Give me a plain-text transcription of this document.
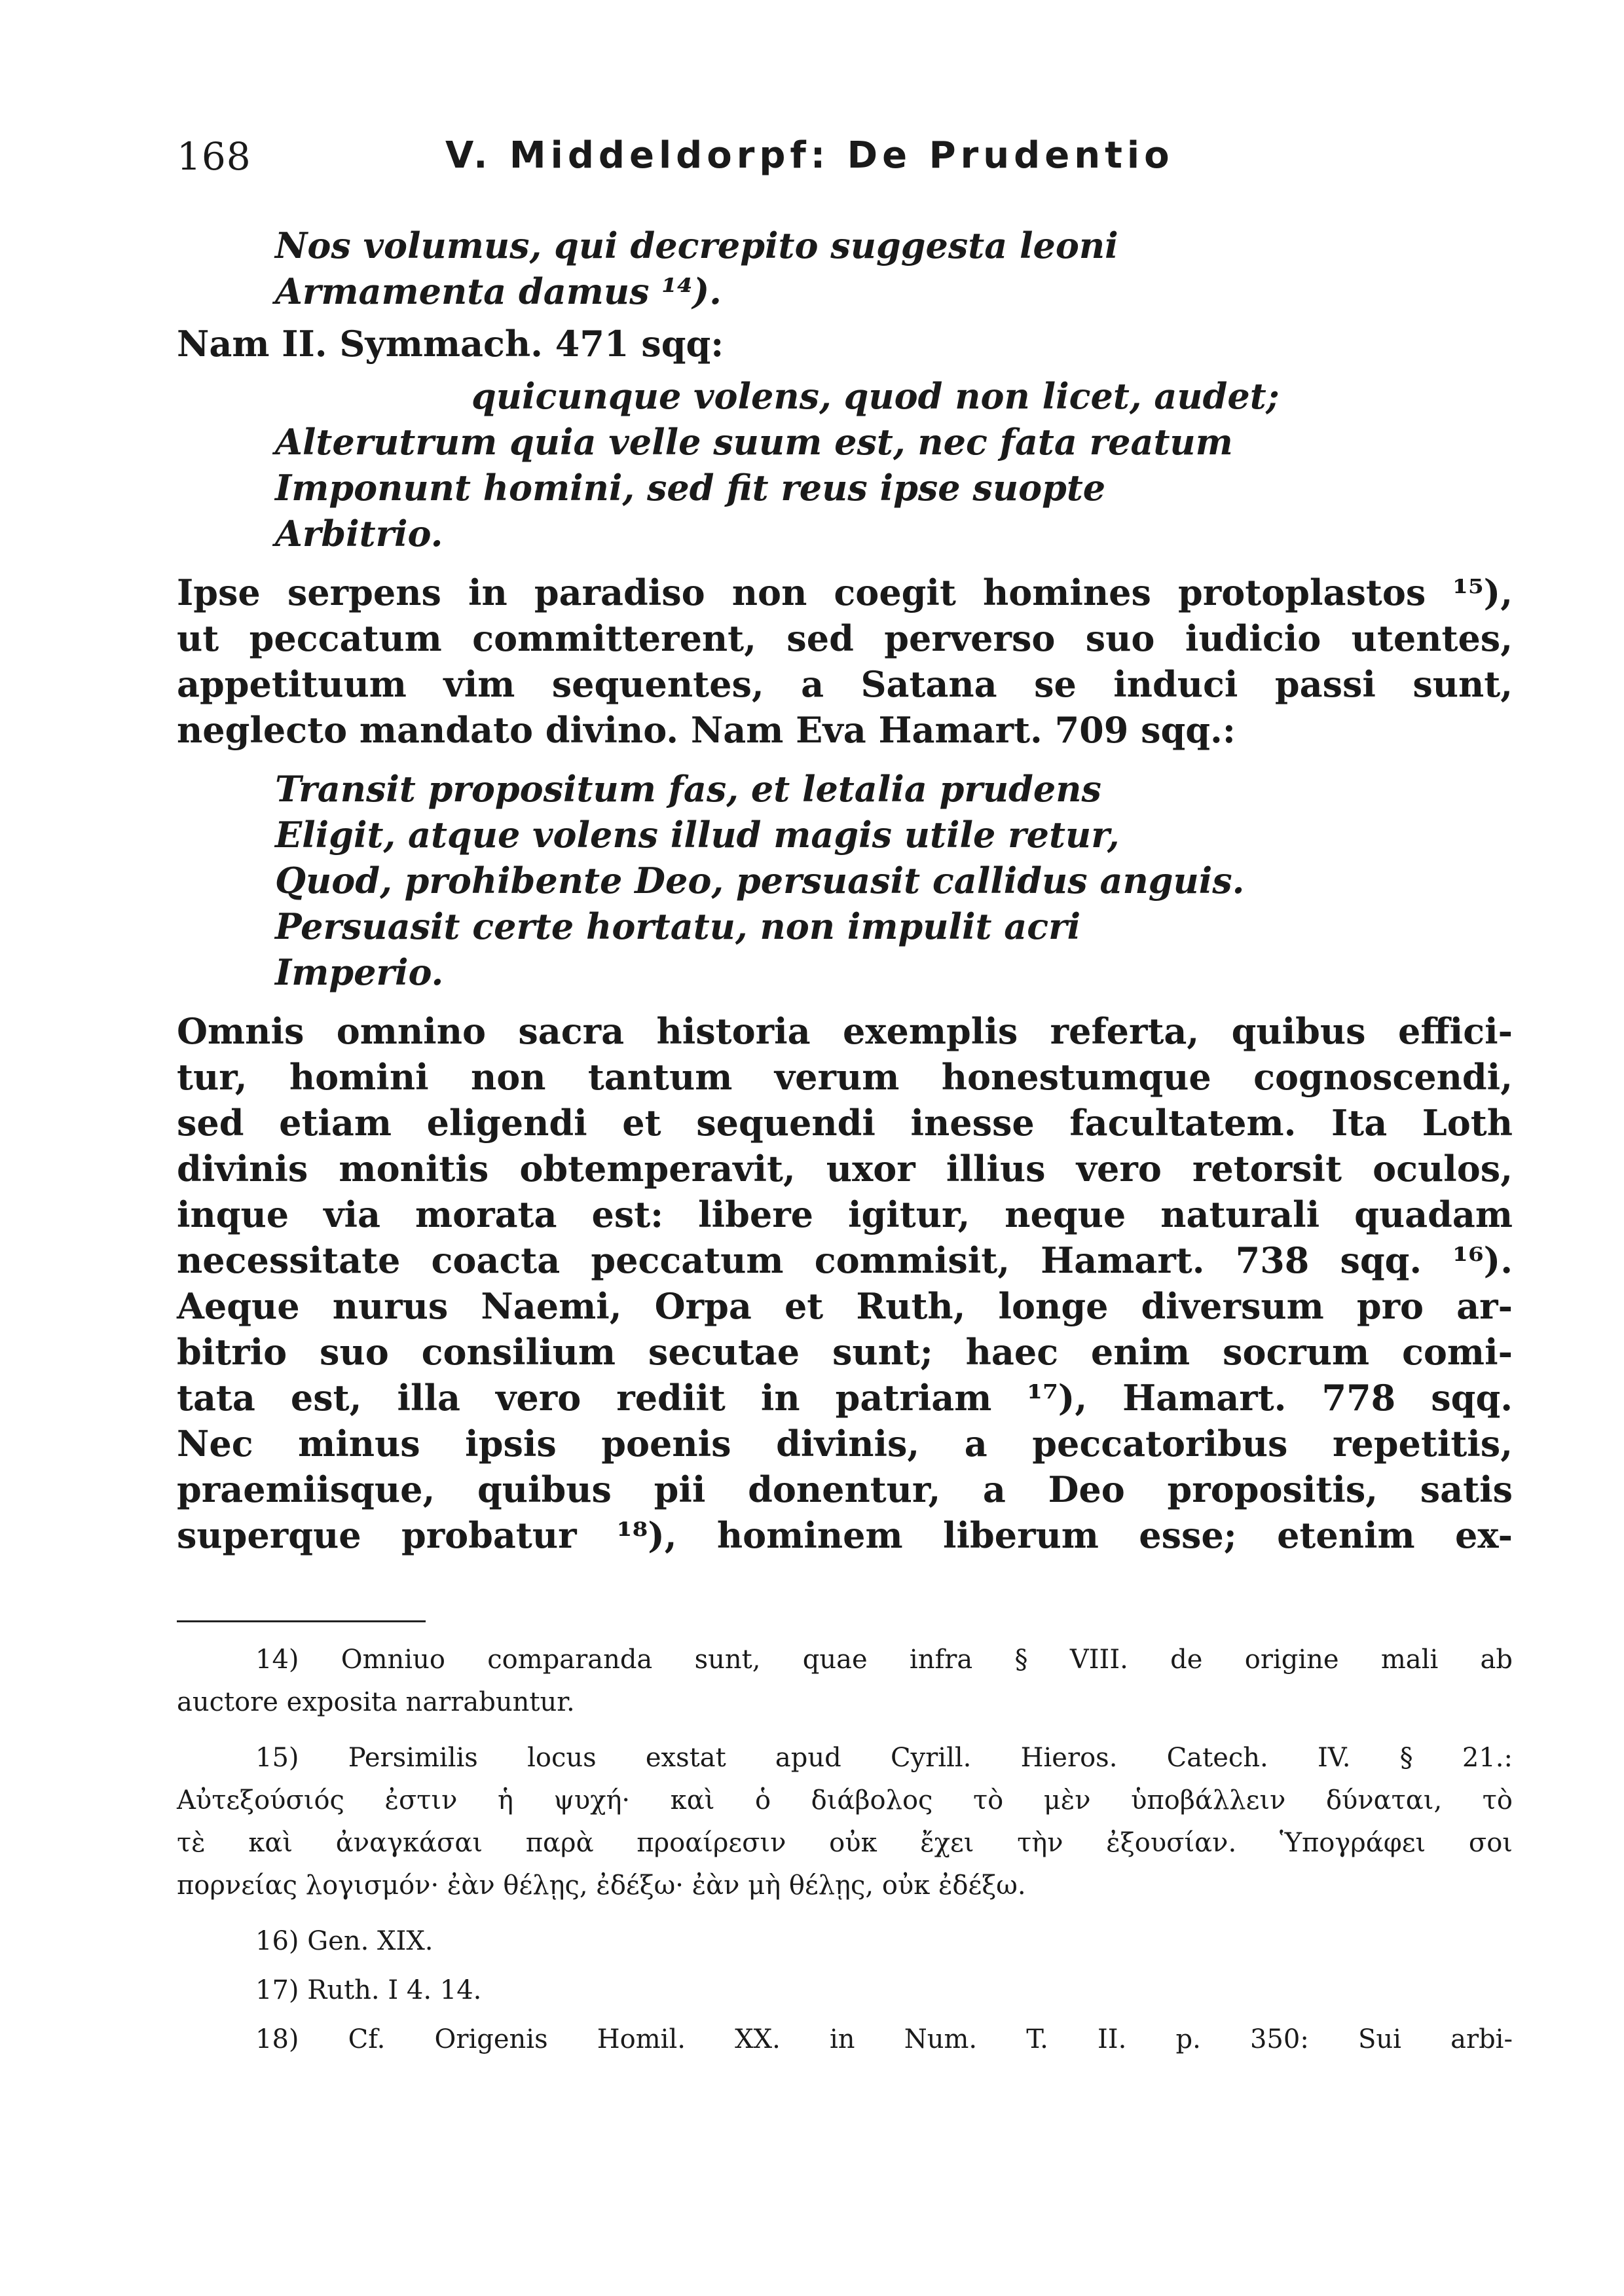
168	V. Middeldorpf: De Prudentio
Nos volumus, qui decrepito suggesta leoni
Armamenta damus ¹⁴).
Nam II. Symmach. 471 sqq:
quicunque volens, quod non licet, audet;
Alterutrum quia velle suum est, nec fata reatum
Imponunt homini, sed fit reus ipse suopte
Arbitrio.
Ipse serpens in paradiso non coegit homines protoplastos ¹⁵),
ut peccatum committerent, sed perverso suo iudicio utentes,
appetituum vim sequentes, a Satana se induci passi sunt,
neglecto mandato divino. Nam Eva Hamart. 709 sqq.:
Transit propositum fas, et letalia prudens
Eligit, atque volens illud magis utile retur,
Quod, prohibente Deo, persuasit callidus anguis.
Persuasit certe hortatu, non impulit acri
Imperio.
Omnis omnino sacra historia exemplis referta, quibus effici-
tur, homini non tantum verum honestumque cognoscendi,
sed etiam eligendi et sequendi inesse facultatem. Ita Loth
divinis monitis obtemperavit, uxor illius vero retorsit oculos,
inque via morata est: libere igitur, neque naturali quadam
necessitate coacta peccatum commisit, Hamart. 738 sqq. ¹⁶).
Aeque nurus Naemi, Orpa et Ruth, longe diversum pro ar-
bitrio suo consilium secutae sunt; haec enim socrum comi-
tata est, illa vero rediit in patriam ¹⁷), Hamart. 778 sqq.
Nec minus ipsis poenis divinis, a peccatoribus repetitis,
praemiisque, quibus pii donentur, a Deo propositis, satis
superque probatur ¹⁸), hominem liberum esse; etenim ex-
14) Omniuo comparanda sunt, quae infra § VIII. de origine mali ab
auctore exposita narrabuntur.
15) Persimilis locus exstat apud Cyrill. Hieros. Catech. IV. § 21.:
Αὐτεξούσιός ἐστιν ἡ ψυχή· καὶ ὁ διάβολος τὸ μὲν ὑποβάλλειν δύναται, τὸ
τὲ καὶ ἀναγκάσαι παρὰ προαίρεσιν οὐκ ἔχει τὴν ἐξουσίαν. Ὑπογράφει σοι
πορνείας λογισμόν· ἐὰν θέλῃς, ἐδέξω· ἐὰν μὴ θέλῃς, οὐκ ἐδέξω.
16) Gen. XIX.
17) Ruth. I 4. 14.
18) Cf. Origenis Homil. XX. in Num. T. II. p. 350: Sui arbi-
